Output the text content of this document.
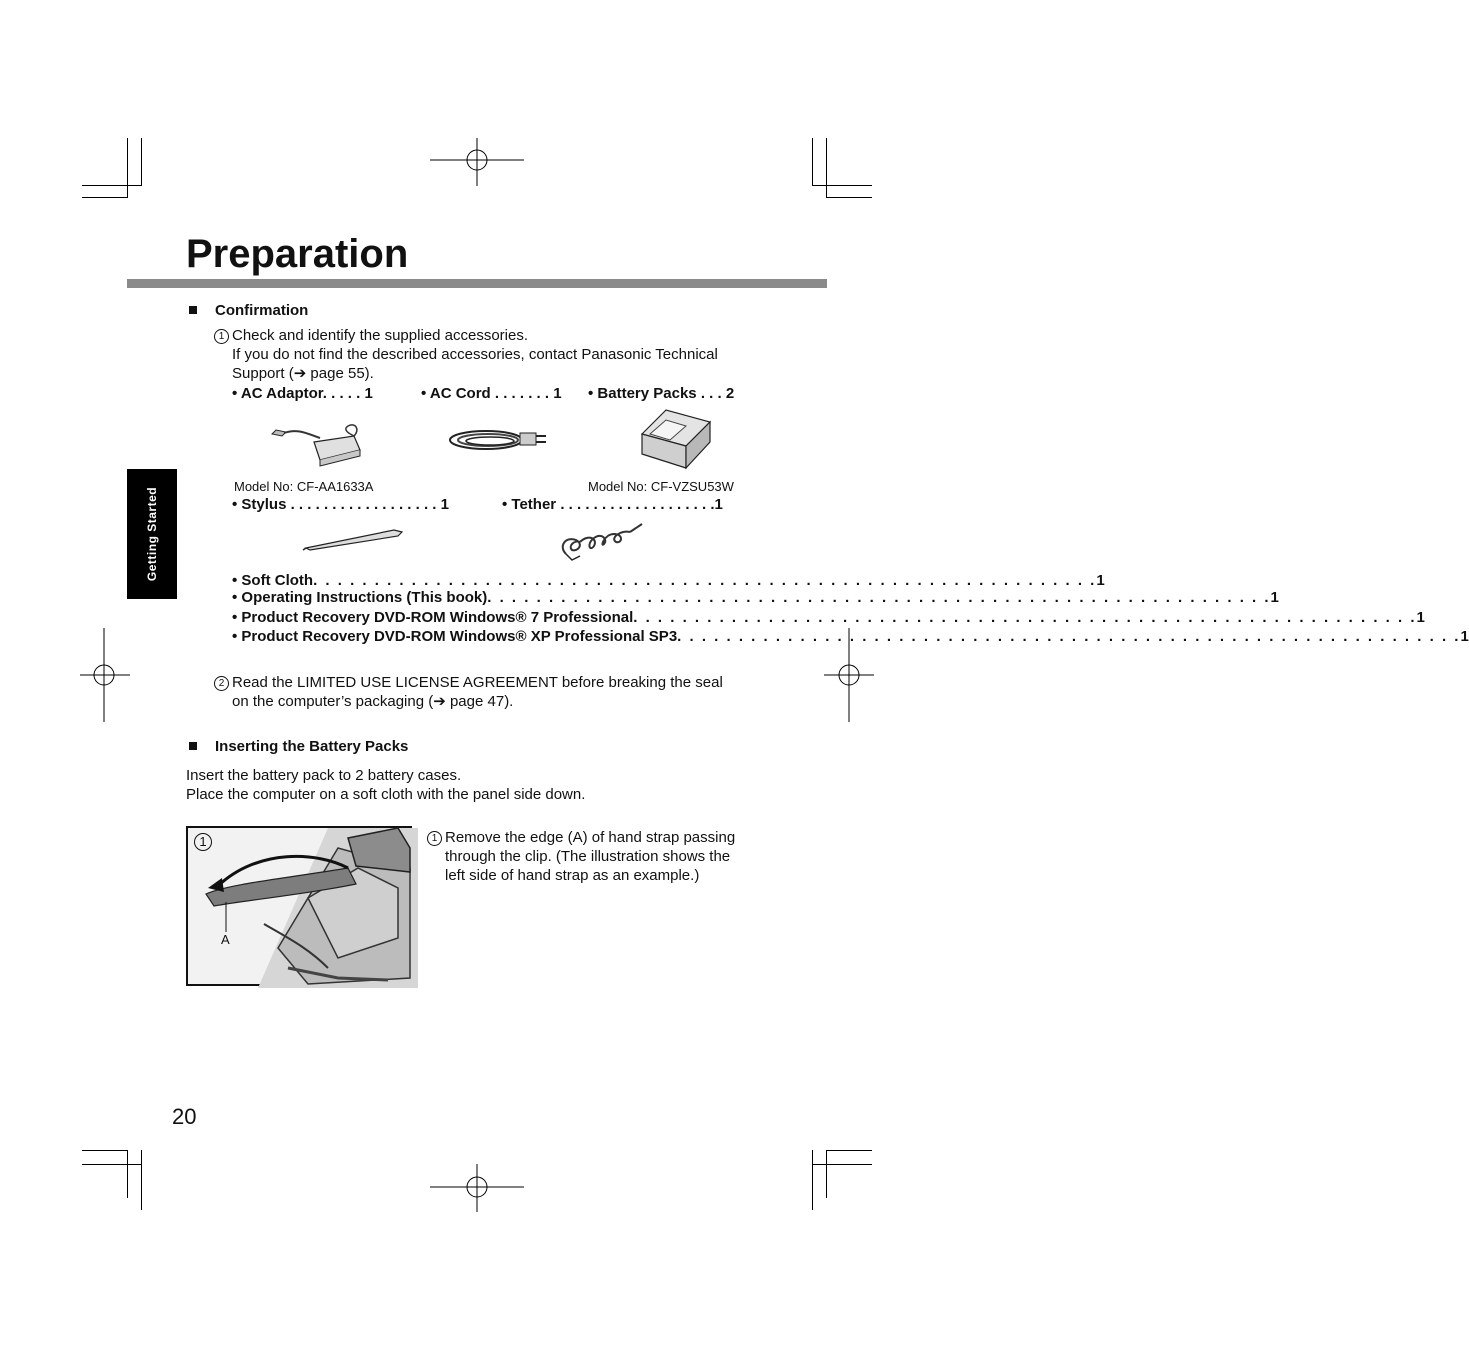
Preparation
Getting Started
Confirmation
1 Check and identify the supplied accessories.
If you do not find the described accessories, contact Panasonic Technical
Support (➔ page 55).
• AC Adaptor. . . . . 1	• AC Cord . . . . . . . 1 • Battery Packs . . . 2
Model No: CF-AA1633A	Model No: CF-VZSU53W
• Stylus . . . . . . . . . . . . . . . . . . 1	• Tether . . . . . . . . . . . . . . . . . . .1
• Soft Cloth . . . . . . . . . . . . . . . . . . . . . . . . . . . . . . . . . . . . . . . . . . . . . . . . . . . . . . . . . . . . . . . . 1
• Operating Instructions (This book) . . . . . . . . . . . . . . . . . . . . . . . . . . . . . . . . . . . . . . . . . . . . . . . . . . . . . . . . . . . . . . . . 1
• Product Recovery DVD-ROM Windows® 7 Professional . . . . . . . . . . . . . . . . . . . . . . . . . . . . . . . . . . . . . . . . . . . . . . . . . . . . . . . . . . . . . . . . 1
• Product Recovery DVD-ROM Windows® XP Professional SP3 . . . . . . . . . . . . . . . . . . . . . . . . . . . . . . . . . . . . . . . . . . . . . . . . . . . . . . . . . . . . . . . . 1
2 Read the LIMITED USE LICENSE AGREEMENT before breaking the seal
on the computer’s packaging (➔ page 47).
Inserting the Battery Packs
Insert the battery pack to 2 battery cases.
Place the computer on a soft cloth with the panel side down.
1
A
1 Remove the edge (A) of hand strap passing
through the clip. (The illustration shows the
left side of hand strap as an example.)
20
